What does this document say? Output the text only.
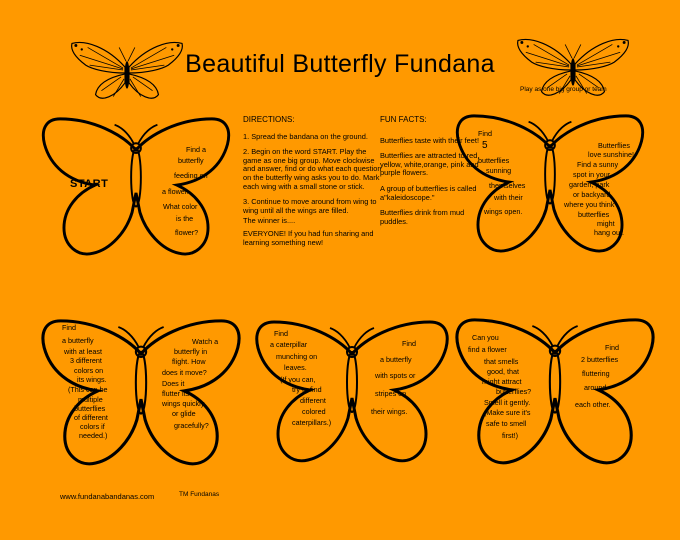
Beautiful Butterfly Fundana
Play as one big group or team
START
Find a
butterfly
feeding on
a flower.
What color
is the
flower?
DIRECTIONS:

1. Spread the bandana on the ground.

2. Begin on the word START. Play the game as one big group. Move clockwise and answer, find or do what each question on the butterfly wing asks you to do. Mark each wing with a small stone or stick.

3. Continue to move around from wing to wing until all the wings are filled.

The winner is....

EVERYONE! If you had fun sharing and learning something new!

FUN FACTS:

Butterflies taste with their feet!

Butterflies are attracted to red, yellow, white,orange, pink and purple flowers.

A group of butterflies is called a"kaleidoscope."

Butterflies drink from mud puddles.

Find
5
butterflies
sunning
themselves
with their
wings open.
Butterflies
love sunshine!
Find a sunny
spot in your
garden, park
or backyard
where you think
butterflies
might
hang out.
Find
a butterfly
with at least
3 different
colors on
its wings.
(This can be
multiple
butterflies
of different
colors if
needed.)
Watch a
butterfly in
flight. How
does it move?
Does it
flutter its
wings quickly,
or glide
gracefully?
Find
a caterpillar
munching on
leaves.
(If you can,
try to find
different
colored
caterpillars.)
Find
a butterfly
with spots or
stripes on
their wings.
Can you
find a flower
that smells
good, that
might attract
butterflies?
Smell it gently.
(Make sure it's
safe to smell
first!)
Find
2 butterflies
fluttering
around
each other.
www.fundanabandanas.com	TM Fundanas
